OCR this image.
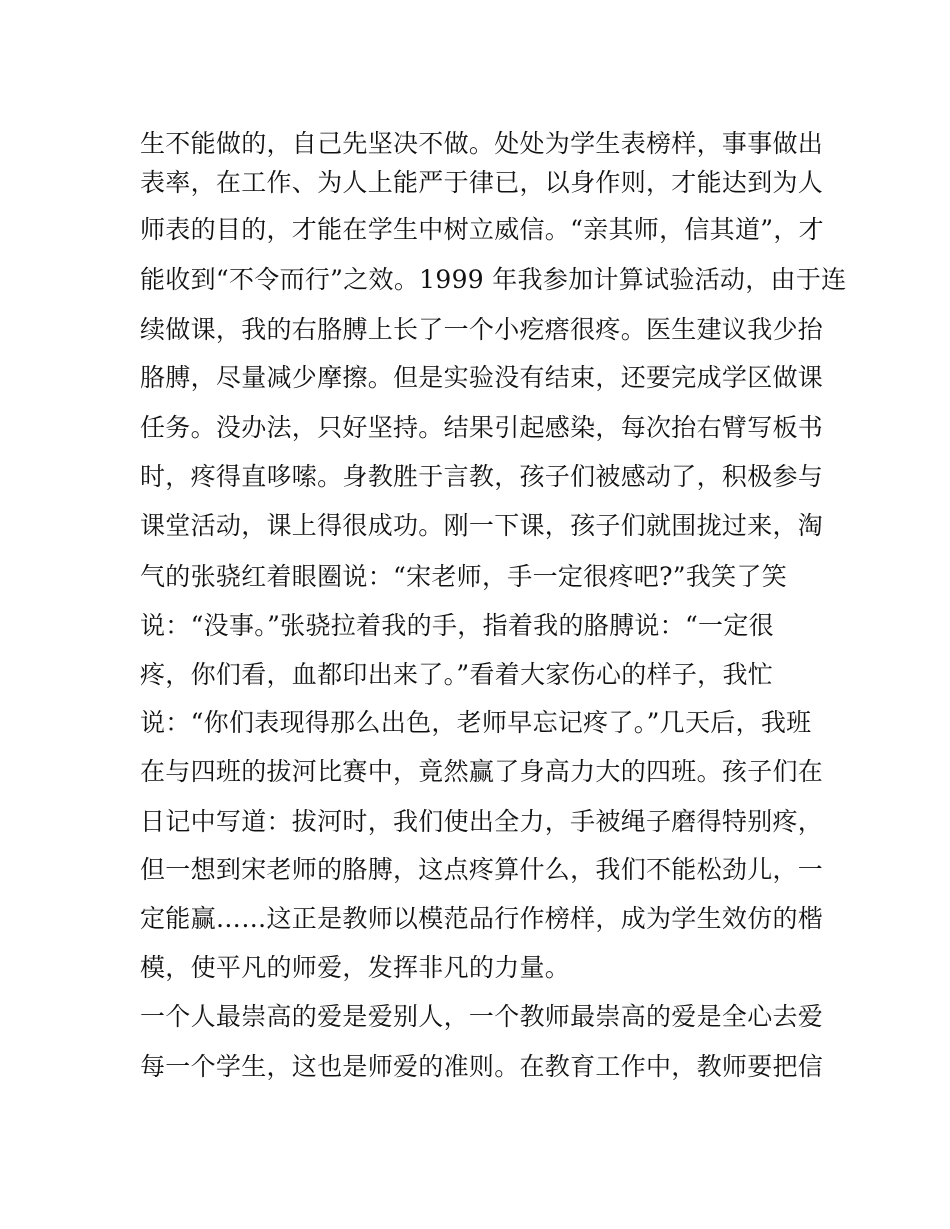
生不能做的，自己先坚决不做。处处为学生表榜样，事事做出
表率，在工作、为人上能严于律已，以身作则，才能达到为人
师表的目的，才能在学生中树立威信。“亲其师，信其道”，才
能收到“不令而行”之效。1999 年我参加计算试验活动，由于连
续做课，我的右胳膊上长了一个小疙瘩很疼。医生建议我少抬
胳膊，尽量减少摩擦。但是实验没有结束，还要完成学区做课
任务。没办法，只好坚持。结果引起感染，每次抬右臂写板书
时，疼得直哆嗦。身教胜于言教，孩子们被感动了，积极参与
课堂活动，课上得很成功。刚一下课，孩子们就围拢过来，淘
气的张骁红着眼圈说：“宋老师，手一定很疼吧?”我笑了笑
说：“没事。”张骁拉着我的手，指着我的胳膊说：“一定很
疼，你们看，血都印出来了。”看着大家伤心的样子，我忙
说：“你们表现得那么出色，老师早忘记疼了。”几天后，我班
在与四班的拔河比赛中，竟然赢了身高力大的四班。孩子们在
日记中写道：拔河时，我们使出全力，手被绳子磨得特别疼，
但一想到宋老师的胳膊，这点疼算什么，我们不能松劲儿，一
定能赢……这正是教师以模范品行作榜样，成为学生效仿的楷
模，使平凡的师爱，发挥非凡的力量。
一个人最崇高的爱是爱别人，一个教师最崇高的爱是全心去爱
每一个学生，这也是师爱的准则。在教育工作中，教师要把信
